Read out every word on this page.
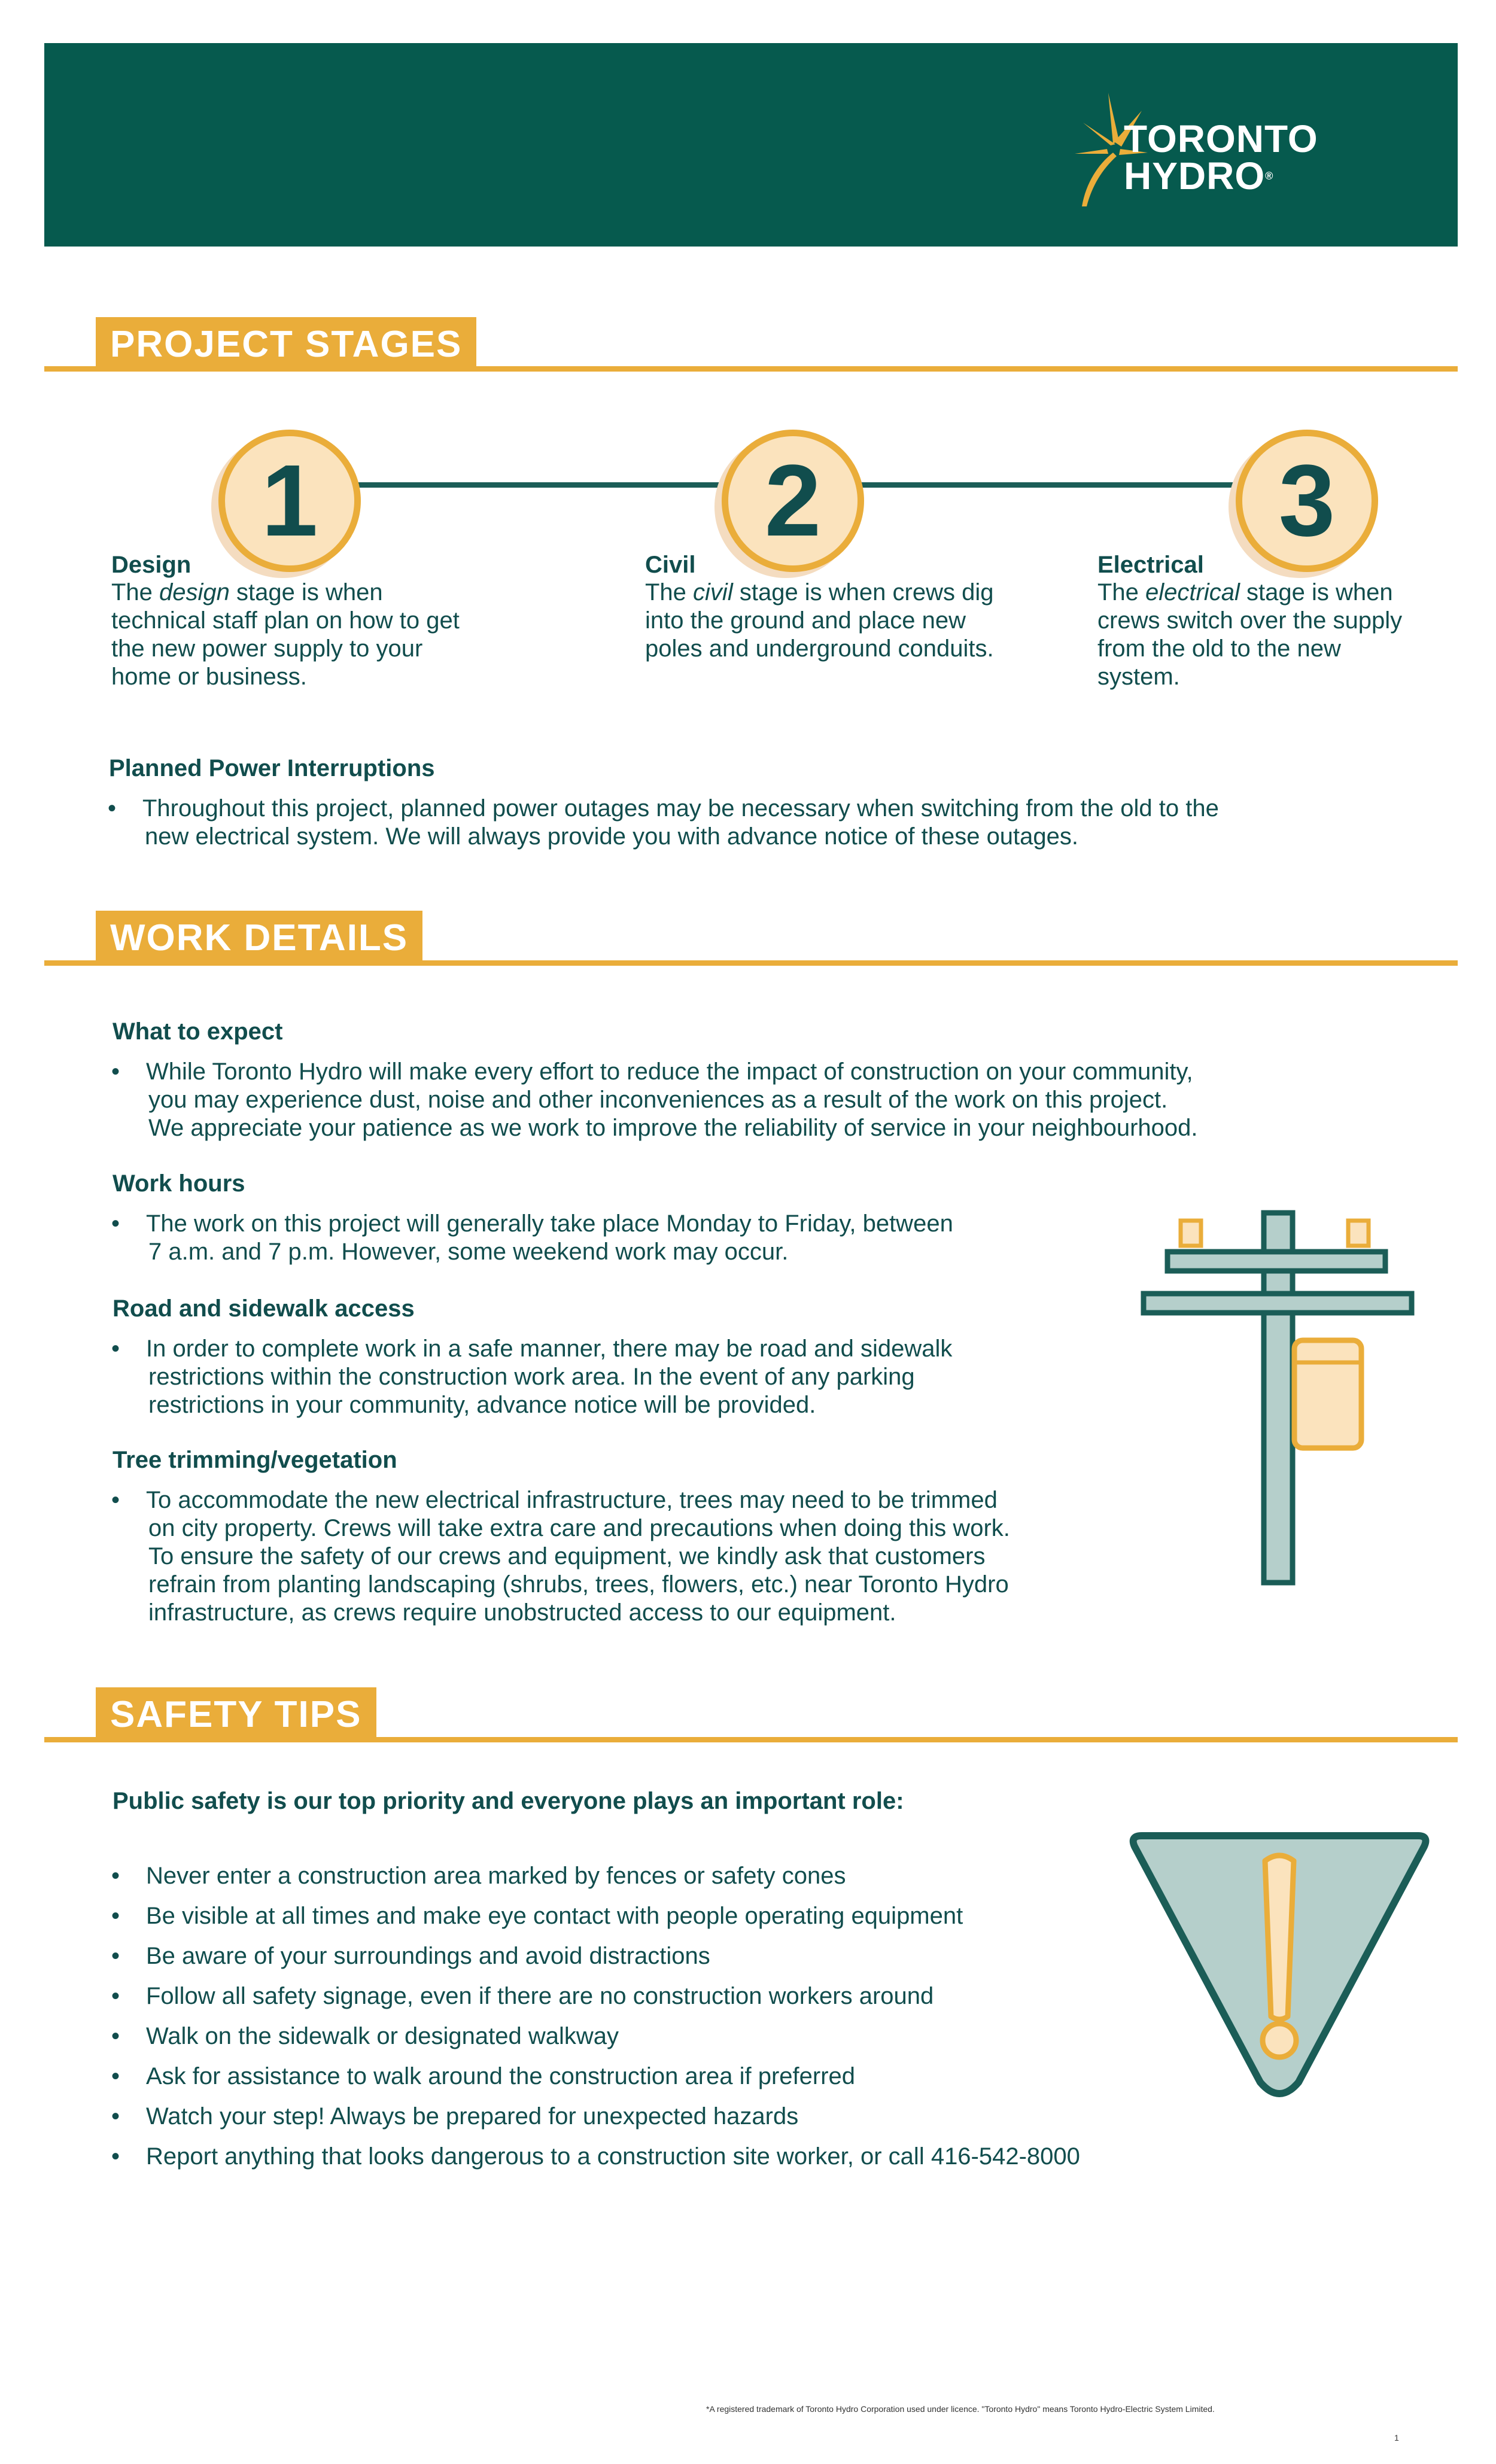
TORONTO
HYDRO®
PROJECT STAGES
1	2	3
Design
The design stage is when technical staff plan on how to get the new power supply to your home or business.
Civil
The civil stage is when crews dig into the ground and place new poles and underground conduits.
Electrical
The electrical stage is when crews switch over the supply from the old to the new system.
Planned Power Interruptions
• Throughout this project, planned power outages may be necessary when switching from the old to the
new electrical system. We will always provide you with advance notice of these outages.
WORK DETAILS
What to expect
• While Toronto Hydro will make every effort to reduce the impact of construction on your community,
you may experience dust, noise and other inconveniences as a result of the work on this project.
We appreciate your patience as we work to improve the reliability of service in your neighbourhood.
Work hours
• The work on this project will generally take place Monday to Friday, between
7 a.m. and 7 p.m. However, some weekend work may occur.
Road and sidewalk access
• In order to complete work in a safe manner, there may be road and sidewalk
restrictions within the construction work area. In the event of any parking
restrictions in your community, advance notice will be provided.
Tree trimming/vegetation
• To accommodate the new electrical infrastructure, trees may need to be trimmed
on city property. Crews will take extra care and precautions when doing this work.
To ensure the safety of our crews and equipment, we kindly ask that customers
refrain from planting landscaping (shrubs, trees, flowers, etc.) near Toronto Hydro
infrastructure, as crews require unobstructed access to our equipment.
SAFETY TIPS
Public safety is our top priority and everyone plays an important role:
• Never enter a construction area marked by fences or safety cones
• Be visible at all times and make eye contact with people operating equipment
• Be aware of your surroundings and avoid distractions
• Follow all safety signage, even if there are no construction workers around
• Walk on the sidewalk or designated walkway
• Ask for assistance to walk around the construction area if preferred
• Watch your step! Always be prepared for unexpected hazards
• Report anything that looks dangerous to a construction site worker, or call 416-542-8000
*A registered trademark of Toronto Hydro Corporation used under licence. "Toronto Hydro" means Toronto Hydro-Electric System Limited.
1
